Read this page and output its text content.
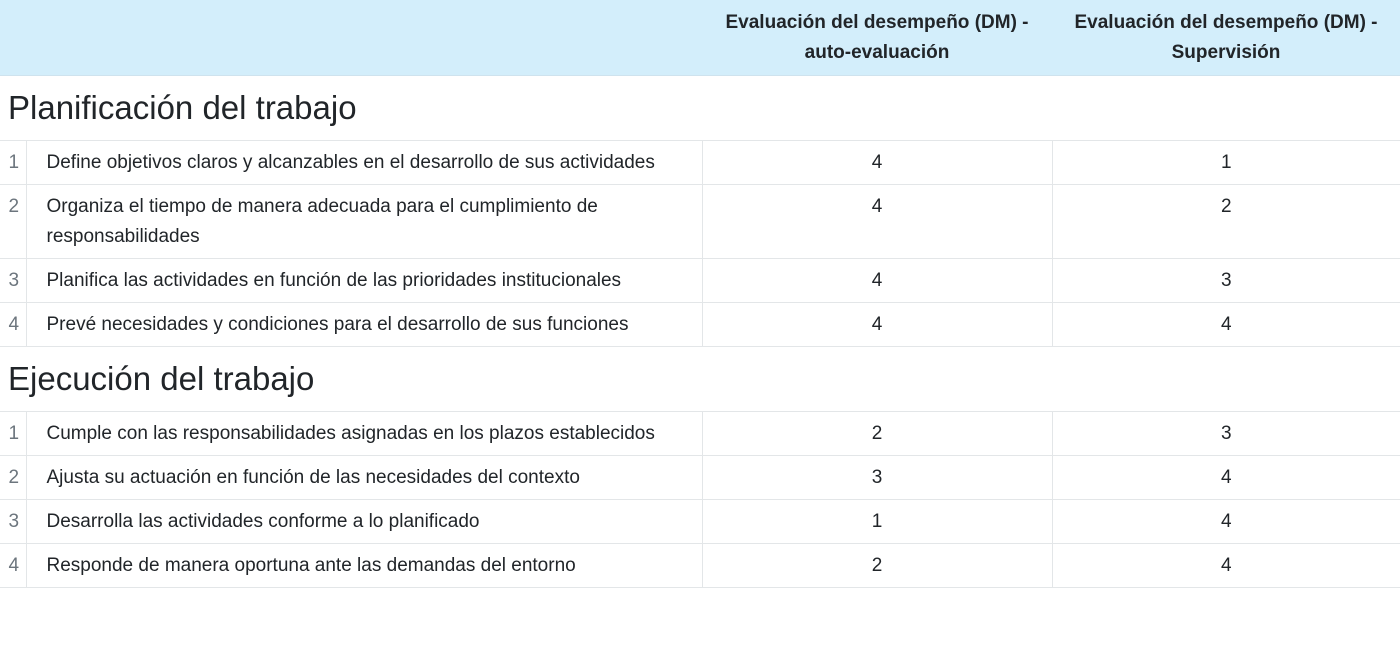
		Evaluación del desempeño (DM) - auto-evaluación	Evaluación del desempeño (DM) - Supervisión
Planificación del trabajo			
1	Define objetivos claros y alcanzables en el desarrollo de sus actividades	4	1
2	Organiza el tiempo de manera adecuada para el cumplimiento de responsabilidades	4	2
3	Planifica las actividades en función de las prioridades institucionales	4	3
4	Prevé necesidades y condiciones para el desarrollo de sus funciones	4	4
Ejecución del trabajo			
1	Cumple con las responsabilidades asignadas en los plazos establecidos	2	3
2	Ajusta su actuación en función de las necesidades del contexto	3	4
3	Desarrolla las actividades conforme a lo planificado	1	4
4	Responde de manera oportuna ante las demandas del entorno	2	4
